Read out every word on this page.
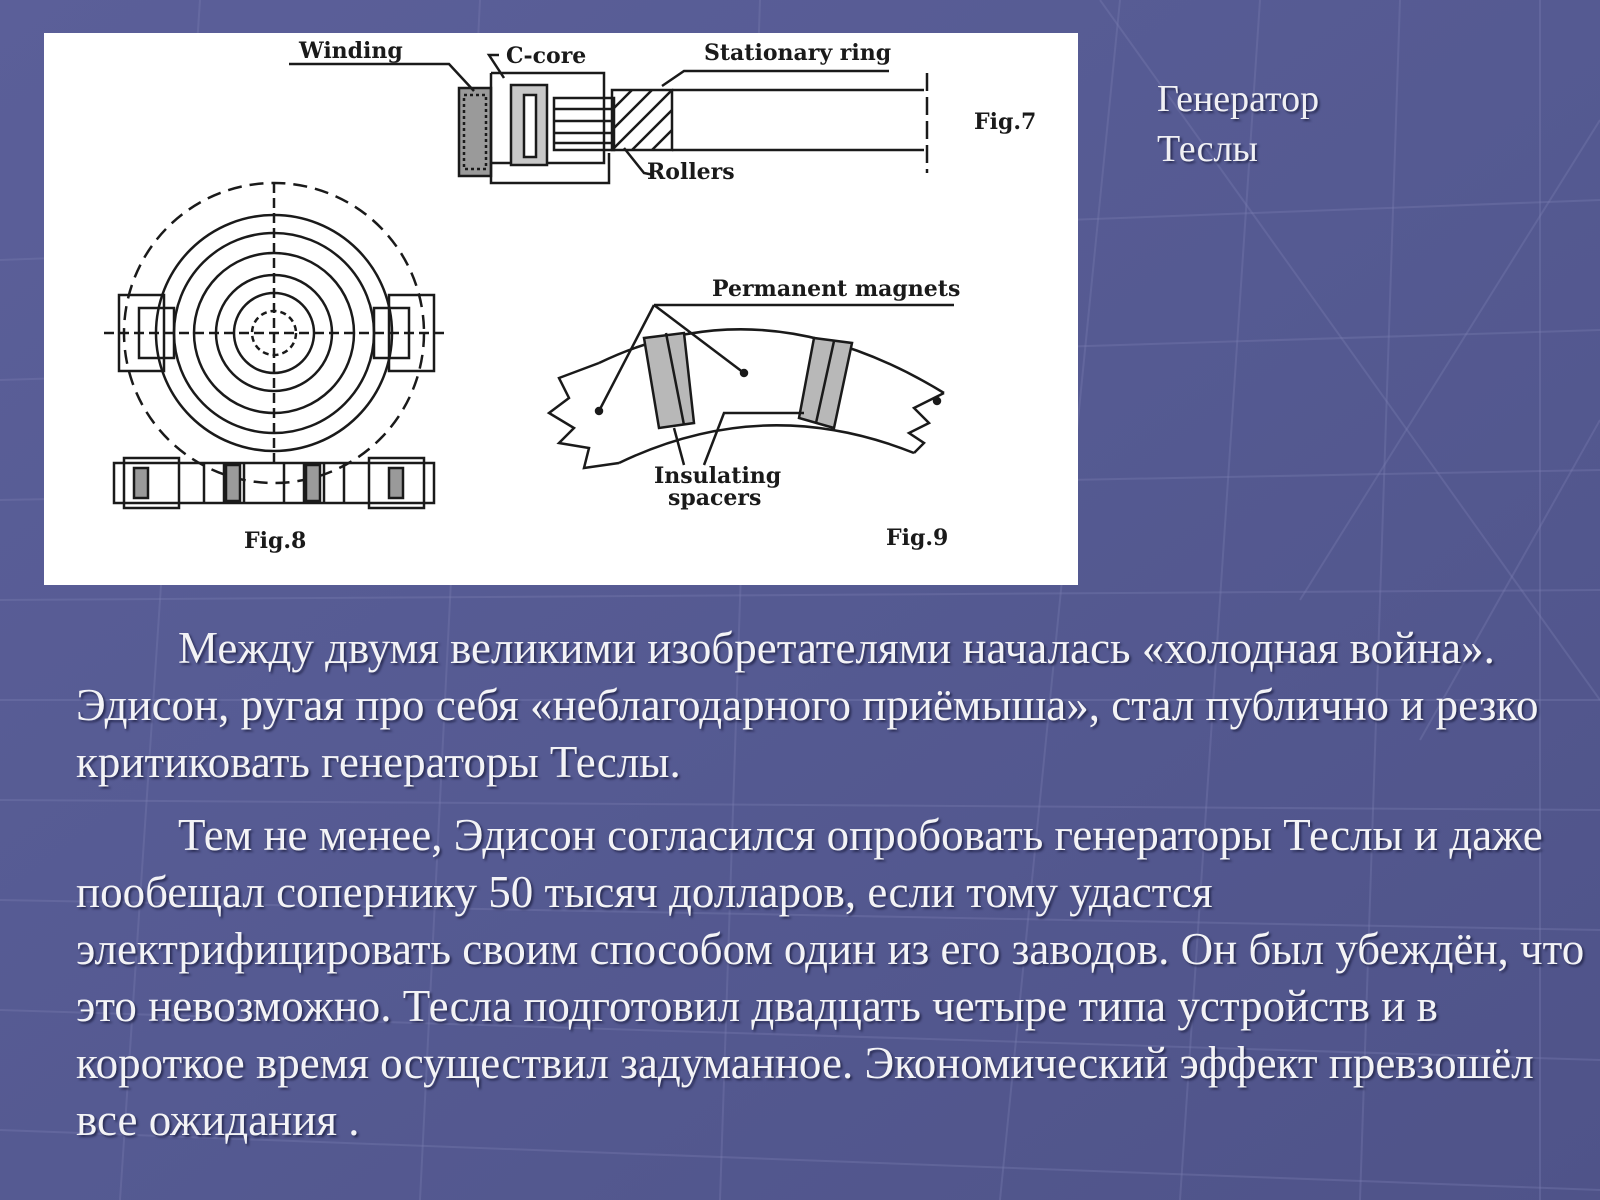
Winding	C-core	Stationary ring
Rollers
Fig.7
Fig.8
Permanent magnets
Insulating
spacers
Fig.9
Генератор
Теслы

Между двумя великими изобретателями началась «холодная война». Эдисон, ругая про себя «неблагодарного приёмыша», стал публично и резко критиковать генераторы Теслы.

Тем не менее, Эдисон согласился опробовать генераторы Теслы и даже пообещал сопернику 50 тысяч долларов, если тому удастся электрифицировать своим способом один из его заводов. Он был убеждён, что это невозможно. Тесла подготовил двадцать четыре типа устройств и в короткое время осуществил задуманное. Экономический эффект превзошёл все ожидания .
